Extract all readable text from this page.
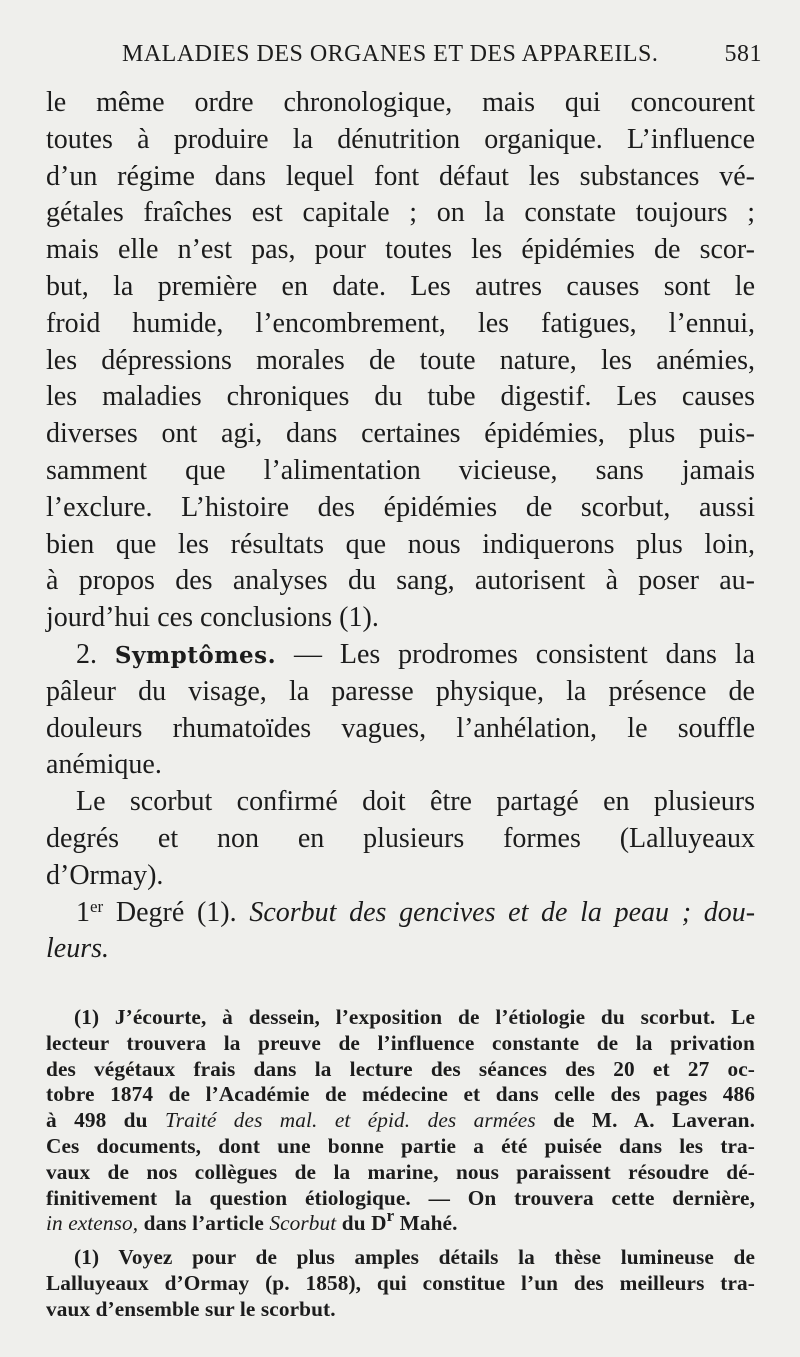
MALADIES DES ORGANES ET DES APPAREILS.	581
le même ordre chronologique, mais qui concourent
toutes à produire la dénutrition organique. L’influence
d’un régime dans lequel font défaut les substances vé-
gétales fraîches est capitale ; on la constate toujours ;
mais elle n’est pas, pour toutes les épidémies de scor-
but, la première en date. Les autres causes sont le
froid humide, l’encombrement, les fatigues, l’ennui,
les dépressions morales de toute nature, les anémies,
les maladies chroniques du tube digestif. Les causes
diverses ont agi, dans certaines épidémies, plus puis-
samment que l’alimentation vicieuse, sans jamais
l’exclure. L’histoire des épidémies de scorbut, aussi
bien que les résultats que nous indiquerons plus loin,
à propos des analyses du sang, autorisent à poser au-
jourd’hui ces conclusions (1).
2. Symptômes. — Les prodromes consistent dans la
pâleur du visage, la paresse physique, la présence de
douleurs rhumatoïdes vagues, l’anhélation, le souffle
anémique.
Le scorbut confirmé doit être partagé en plusieurs
degrés et non en plusieurs formes (Lalluyeaux
d’Ormay).
1er Degré (1). Scorbut des gencives et de la peau ; dou-
leurs.
(1) J’écourte, à dessein, l’exposition de l’étiologie du scorbut. Le
lecteur trouvera la preuve de l’influence constante de la privation
des végétaux frais dans la lecture des séances des 20 et 27 oc-
tobre 1874 de l’Académie de médecine et dans celle des pages 486
à 498 du Traité des mal. et épid. des armées de M. A. Laveran.
Ces documents, dont une bonne partie a été puisée dans les tra-
vaux de nos collègues de la marine, nous paraissent résoudre dé-
finitivement la question étiologique. — On trouvera cette dernière,
in extenso, dans l’article Scorbut du $D^r$ Mahé.
(1) Voyez pour de plus amples détails la thèse lumineuse de
Lalluyeaux d’Ormay (p. 1858), qui constitue l’un des meilleurs tra-
vaux d’ensemble sur le scorbut.
